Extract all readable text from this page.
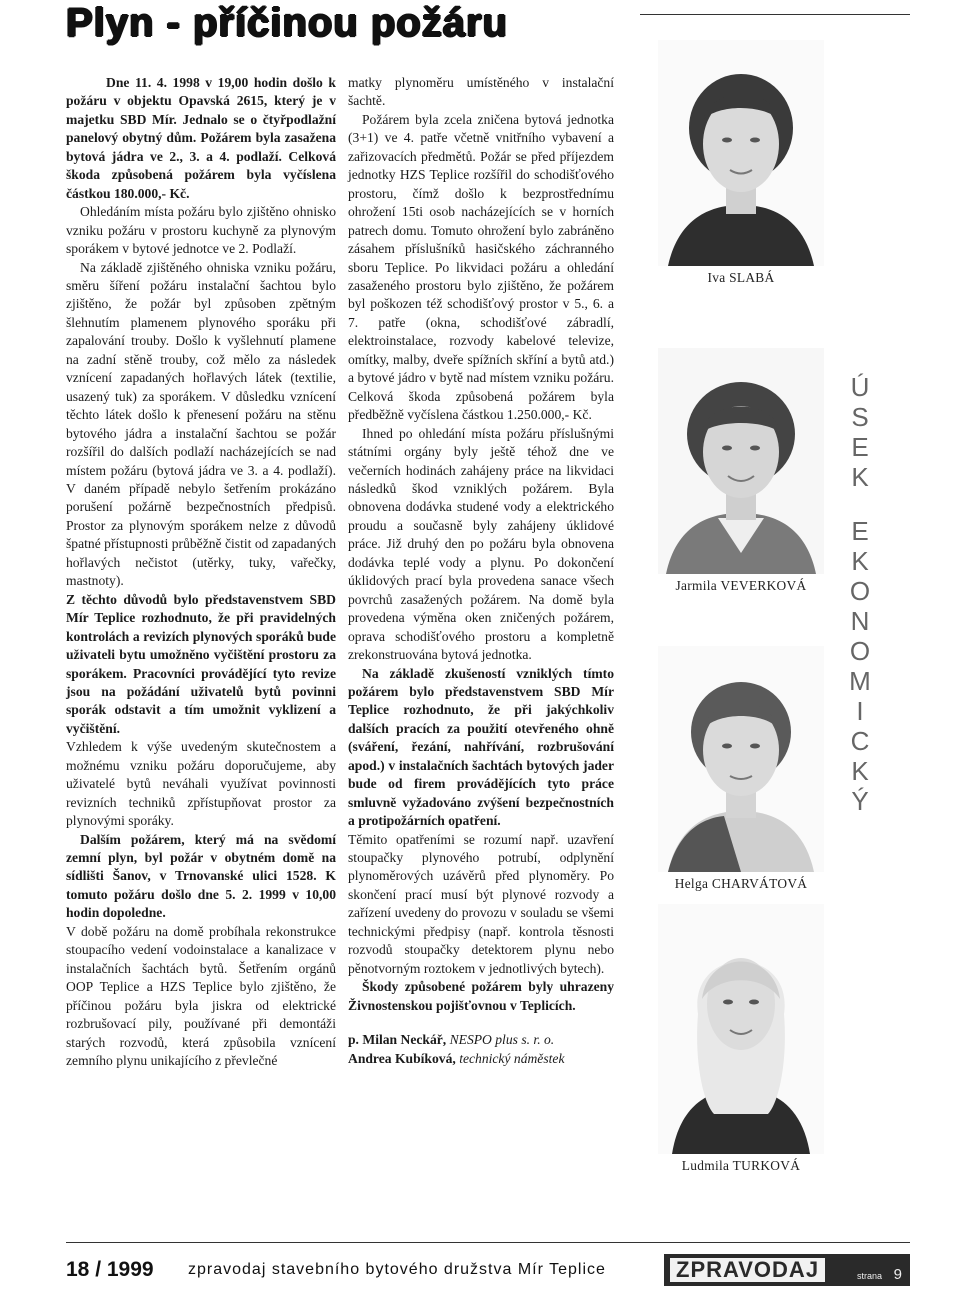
Plyn - příčinou požáru

Dne 11. 4. 1998 v 19,00 hodin došlo k požáru v objektu Opavská 2615, který je v majetku SBD Mír. Jednalo se o čtyřpodlažní panelový obytný dům. Požárem byla zasažena bytová jádra ve 2., 3. a 4. podlaží. Celková škoda způsobená požárem byla vyčíslena částkou 180.000,- Kč.

Ohledáním místa požáru bylo zjištěno ohnisko vzniku požáru v prostoru kuchyně za plynovým sporákem v bytové jednotce ve 2. Podlaží.

Na základě zjištěného ohniska vzniku požáru, směru šíření požáru instalační šachtou bylo zjištěno, že požár byl způsoben zpětným šlehnutím plamenem plynového sporáku při zapalování trouby. Došlo k vyšlehnutí plamene na zadní stěně trouby, což mělo za následek vznícení zapadaných hořlavých látek (textilie, usazený tuk) za sporákem. V důsledku vznícení těchto látek došlo k přenesení požáru na stěnu bytového jádra a instalační šachtou se požár rozšířil do dalších podlaží nacházejících se nad místem požáru (bytová jádra ve 3. a 4. podlaží). V daném případě nebylo šetřením prokázáno porušení požárně bezpečnostních předpisů. Prostor za plynovým sporákem nelze z důvodů špatné přístupnosti průběžně čistit od zapadaných hořlavých nečistot (utěrky, tuky, vařečky, mastnoty).

Z těchto důvodů bylo představenstvem SBD Mír Teplice rozhodnuto, že při pravidelných kontrolách a revizích plynových sporáků bude uživateli bytu umožněno vyčištění prostoru za sporákem. Pracovníci provádějící tyto revize jsou na požádání uživatelů bytů povinni sporák odstavit a tím umožnit vyklizení a vyčištění.

Vzhledem k výše uvedeným skutečnostem a možnému vzniku požáru doporučujeme, aby uživatelé bytů neváhali využívat povinnosti revizních techniků zpřístupňovat prostor za plynovými sporáky.

Dalším požárem, který má na svědomí zemní plyn, byl požár v obytném domě na sídlišti Šanov, v Trnovanské ulici 1528. K tomuto požáru došlo dne 5. 2. 1999 v 10,00 hodin dopoledne.

V době požáru na domě probíhala rekonstrukce stoupacího vedení vodoinstalace a kanalizace v instalačních šachtách bytů. Šetřením orgánů OOP Teplice a HZS Teplice bylo zjištěno, že příčinou požáru byla jiskra od elektrické rozbrušovací pily, používané při demontáži starých rozvodů, která způsobila vznícení zemního plynu unikajícího z převlečné

matky plynoměru umístěného v instalační šachtě.

Požárem byla zcela zničena bytová jednotka (3+1) ve 4. patře včetně vnitřního vybavení a zařizovacích předmětů. Požár se před příjezdem jednotky HZS Teplice rozšířil do schodišťového prostoru, čímž došlo k bezprostřednímu ohrožení 15ti osob nacházejících se v horních patrech domu. Tomuto ohrožení bylo zabráněno zásahem příslušníků hasičského záchranného sboru Teplice. Po likvidaci požáru a ohledání zasaženého prostoru bylo zjištěno, že požárem byl poškozen též schodišťový prostor v 5., 6. a 7. patře (okna, schodišťové zábradlí, elektroinstalace, rozvody kabelové televize, omítky, malby, dveře spížních skříní a bytů atd.) a bytové jádro v bytě nad místem vzniku požáru. Celková škoda způsobená požárem byla předběžně vyčíslena částkou 1.250.000,- Kč.

Ihned po ohledání místa požáru příslušnými státními orgány byly ještě téhož dne ve večerních hodinách zahájeny práce na likvidaci následků škod vzniklých požárem. Byla obnovena dodávka studené vody a elektrického proudu a současně byly zahájeny úklidové práce. Již druhý den po požáru byla obnovena dodávka teplé vody a plynu. Po dokončení úklidových prací byla provedena sanace všech povrchů zasažených požárem. Na domě byla provedena výměna oken zničených požárem, oprava schodišťového prostoru a kompletně zrekonstruována bytová jednotka.

Na základě zkušeností vzniklých tímto požárem bylo představenstvem SBD Mír Teplice rozhodnuto, že při jakýchkoliv dalších pracích za použití otevřeného ohně (sváření, řezání, nahřívání, rozbrušování apod.) v instalačních šachtách bytových jader bude od firem provádějících tyto práce smluvně vyžadováno zvýšení bezpečnostních a protipožárních opatření.

Těmito opatřeními se rozumí např. uzavření stoupačky plynového potrubí, odplynění plynoměrových uzávěrů před plynoměry. Po skončení prací musí být plynové rozvody a zařízení uvedeny do provozu v souladu se všemi technickými předpisy (např. kontrola těsnosti rozvodů stoupačky detektorem plynu nebo pěnotvorným roztokem v jednotlivých bytech).

Škody způsobené požárem byly uhrazeny Živnostenskou pojišťovnou v Teplicích.

p. Milan Neckář, NESPO plus s. r. o.

Andrea Kubíková, technický náměstek

Iva SLABÁ
Jarmila VEVERKOVÁ
Helga CHARVÁTOVÁ
Ludmila TURKOVÁ
Ú
S
E
K
E
K
O
N
O
M
I
C
K
Ý
18 / 1999 zpravodaj stavebního bytového družstva Mír Teplice	ZPRAVODAJ	strana 9
